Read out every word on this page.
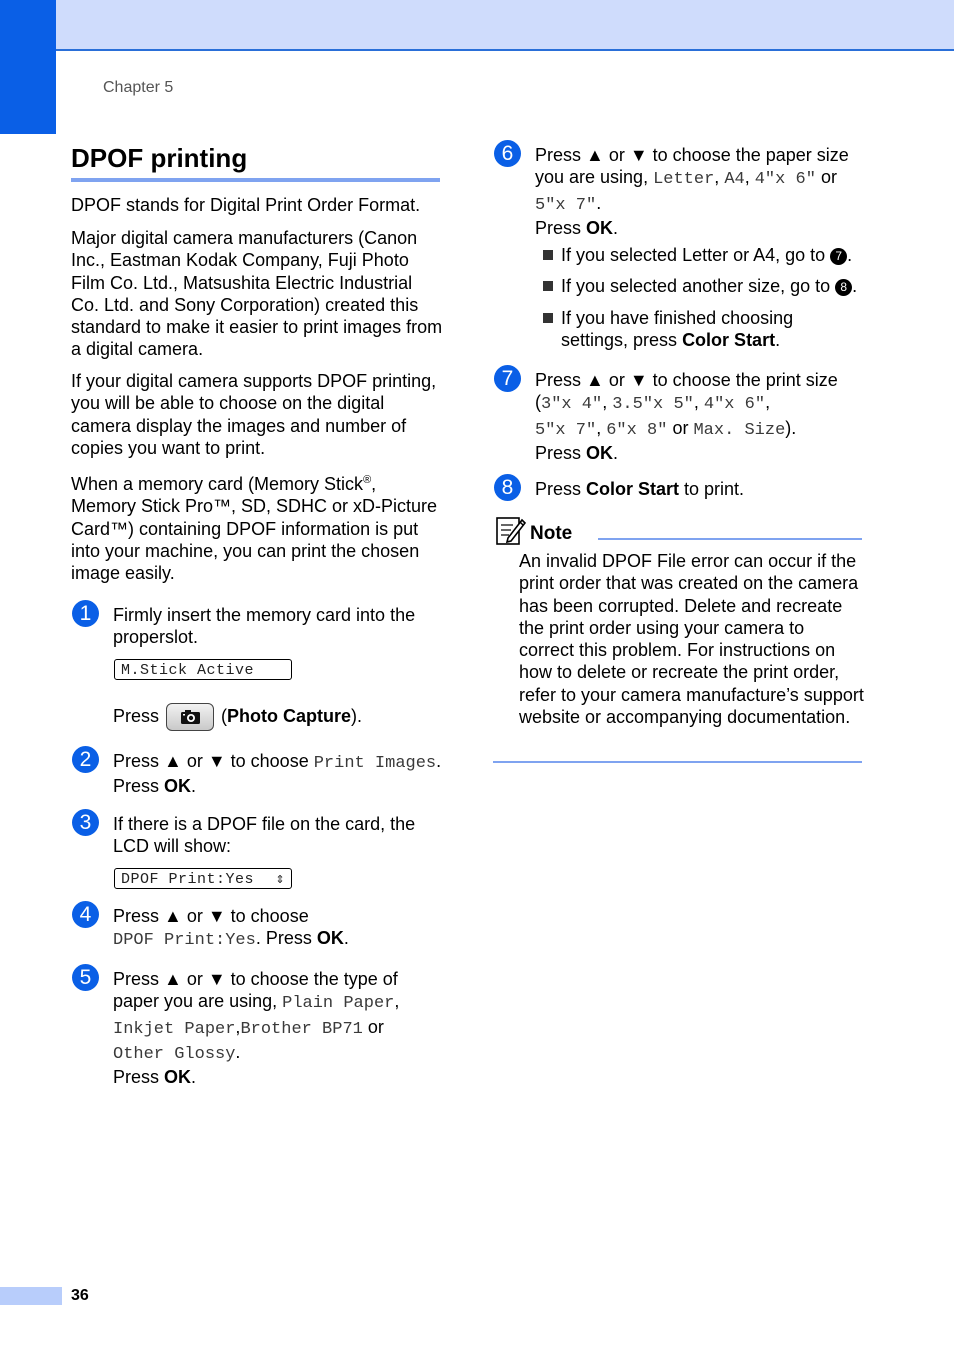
Chapter 5
DPOF printing

DPOF stands for Digital Print Order Format.

Major digital camera manufacturers (Canon Inc., Eastman Kodak Company, Fuji Photo Film Co. Ltd., Matsushita Electric Industrial Co. Ltd. and Sony Corporation) created this standard to make it easier to print images from a digital camera.

If your digital camera supports DPOF printing, you will be able to choose on the digital camera display the images and number of copies you want to print.

When a memory card (Memory Stick®, Memory Stick Pro™, SD, SDHC or xD-Picture Card™) containing DPOF information is put into your machine, you can print the chosen image easily.

1	Firmly insert the memory card into the properslot.

M.Stick Active

Press	(Photo Capture).

2	Press ▲ or ▼ to choose Print Images.
Press OK.

3	If there is a DPOF file on the card, the LCD will show:

DPOF Print:Yes ⇕
4	Press ▲ or ▼ to choose
DPOF Print:Yes. Press OK.

5	Press ▲ or ▼ to choose the type of paper you are using, Plain Paper,
Inkjet Paper,Brother BP71 or
Other Glossy.
Press OK.

6	Press ▲ or ▼ to choose the paper size you are using, Letter, A4, 4"x 6" or
5"x 7".
Press OK.

If you selected Letter or A4, go to 7 .

If you selected another size, go to 8 .

If you have finished choosing settings, press Color Start.

7	Press ▲ or ▼ to choose the print size
(3"x 4", 3.5"x 5", 4"x 6",
5"x 7", 6"x 8" or Max. Size).
Press OK.

8	Press Color Start to print.

Note

An invalid DPOF File error can occur if the print order that was created on the camera has been corrupted. Delete and recreate the print order using your camera to correct this problem. For instructions on how to delete or recreate the print order, refer to your camera manufacture’s support website or accompanying documentation.

36
